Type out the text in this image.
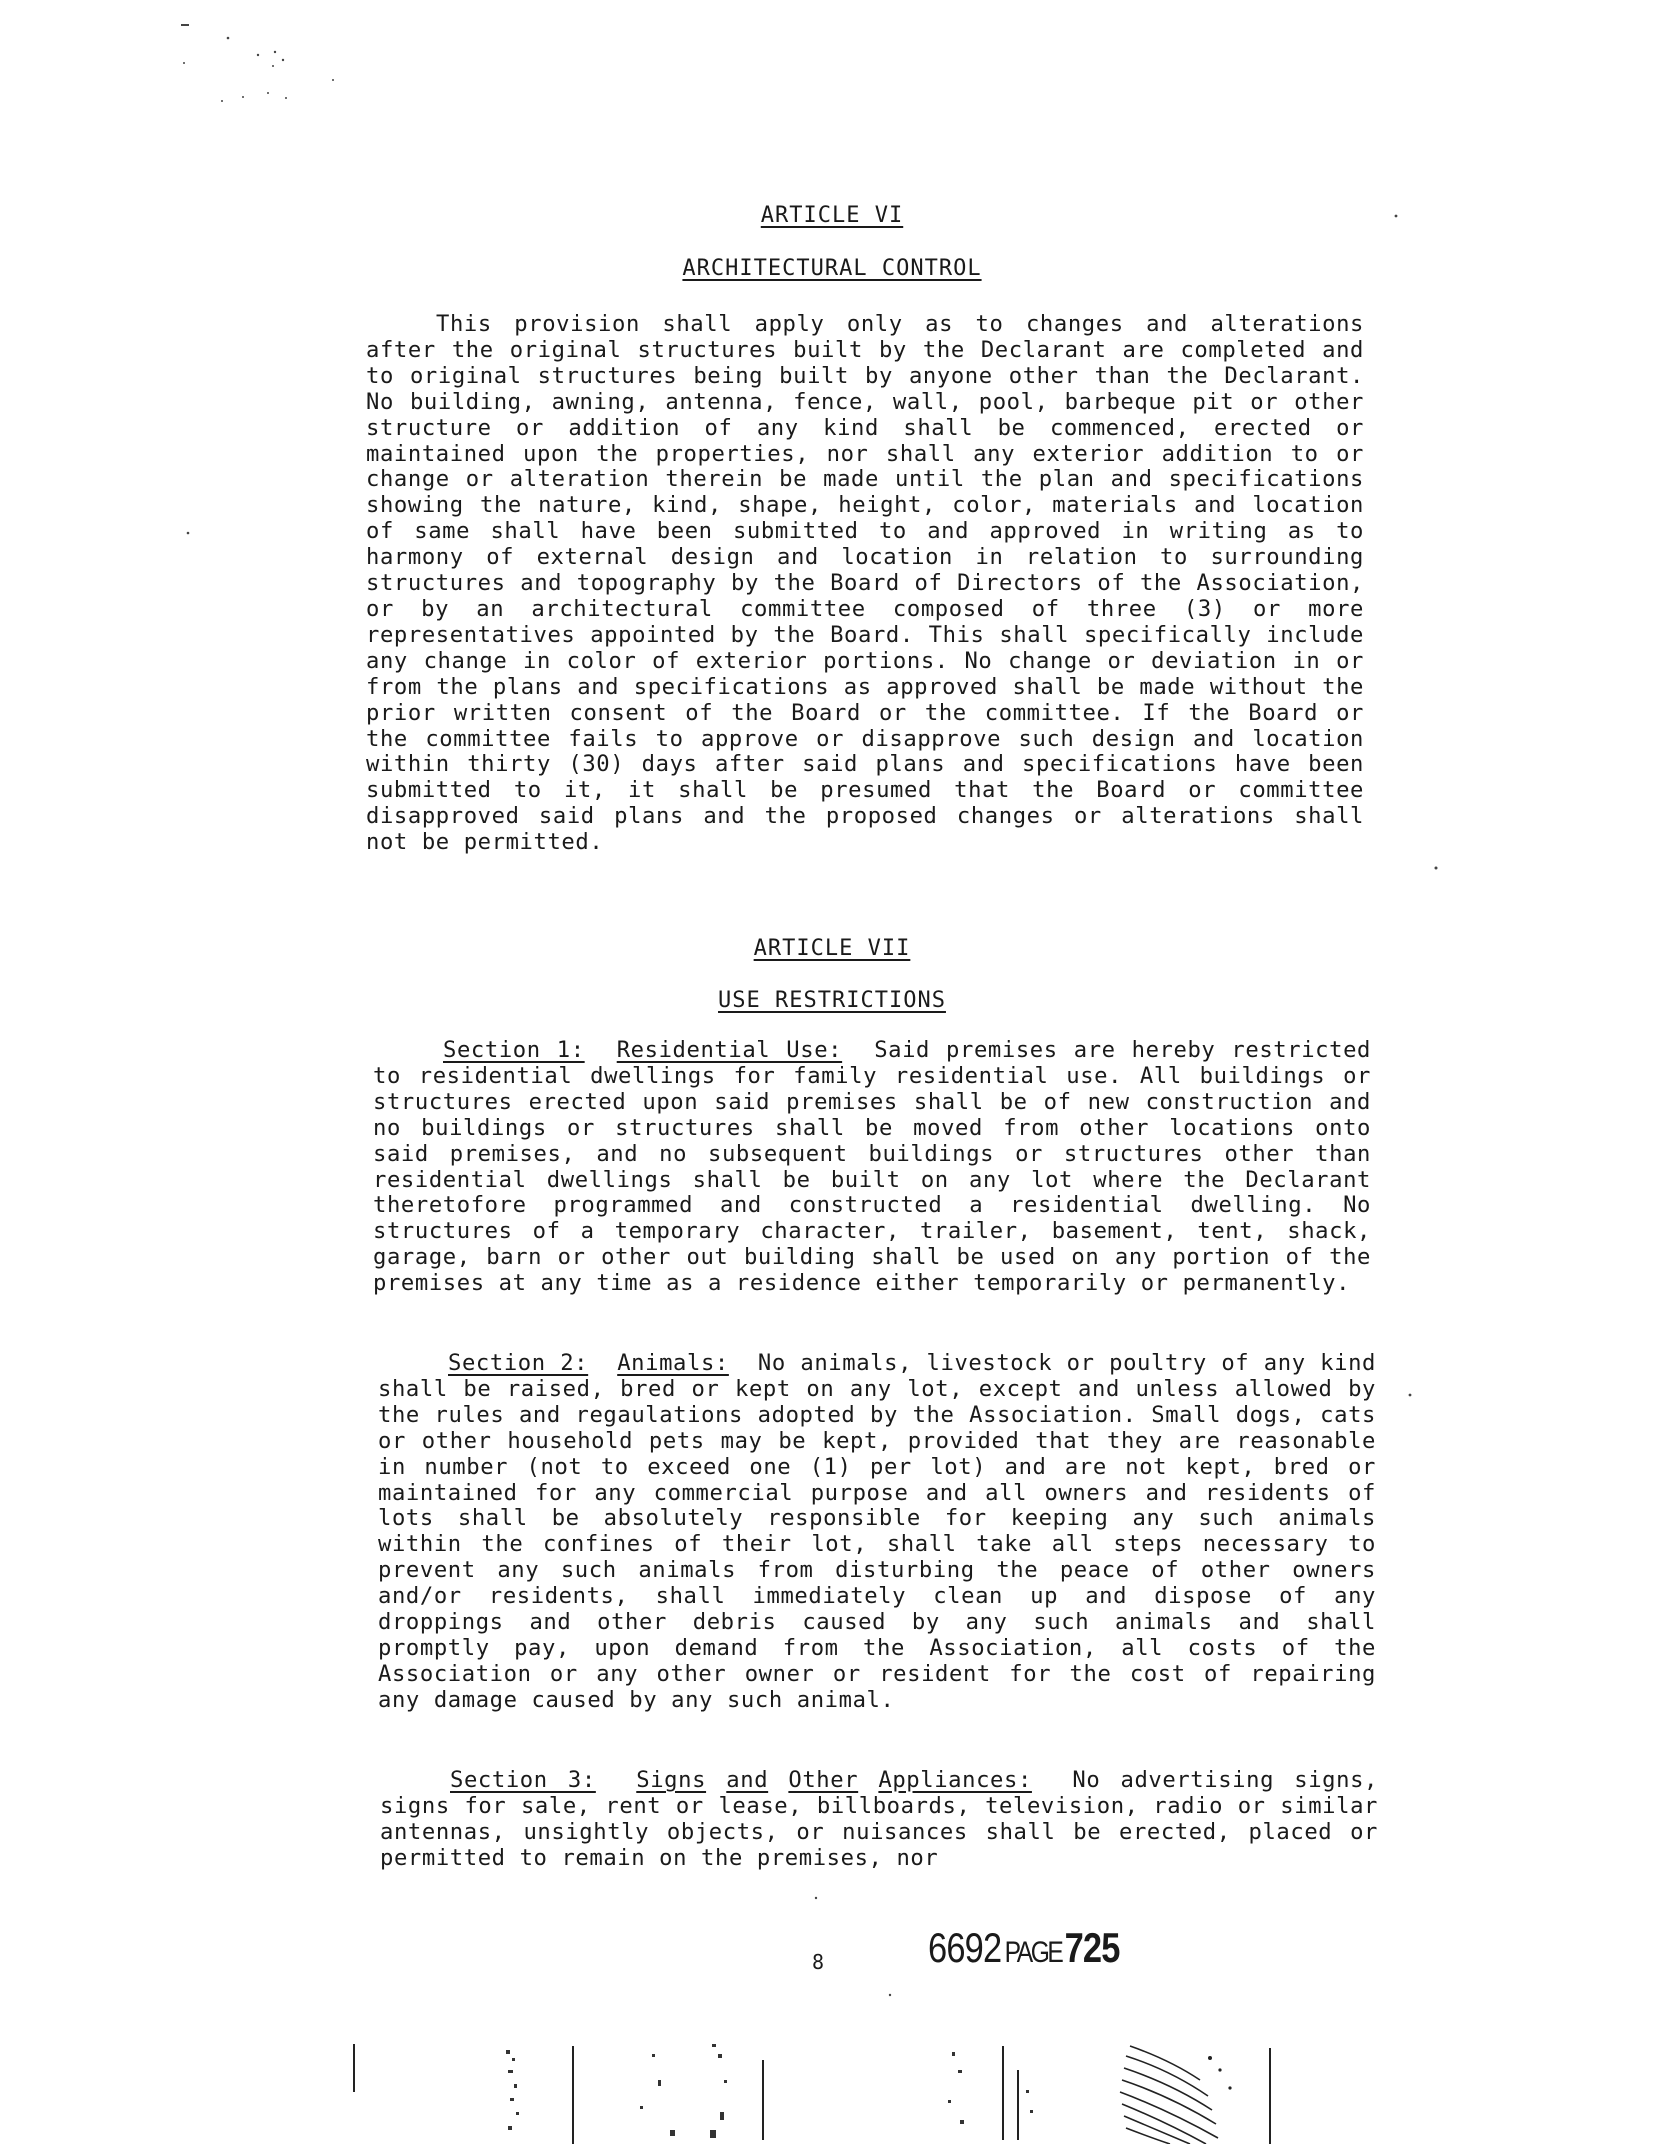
ARTICLE VI
ARCHITECTURAL CONTROL

This provision shall apply only as to changes and alterations after the original structures built by the Declarant are completed and to original structures being built by anyone other than the Declarant. No building, awning, antenna, fence, wall, pool, barbeque pit or other structure or addition of any kind shall be commenced, erected or maintained upon the properties, nor shall any exterior addition to or change or alteration therein be made until the plan and specifications showing the nature, kind, shape, height, color, materials and location of same shall have been submitted to and approved in writing as to harmony of external design and location in relation to surrounding structures and topography by the Board of Directors of the Association, or by an architectural committee composed of three (3) or more representatives appointed by the Board. This shall specifically include any change in color of exterior portions. No change or deviation in or from the plans and specifications as approved shall be made without the prior written consent of the Board or the committee. If the Board or the committee fails to approve or disapprove such design and location within thirty (30) days after said plans and specifications have been submitted to it, it shall be presumed that the Board or committee disapproved said plans and the proposed changes or alterations shall not be permitted.

ARTICLE VII
USE RESTRICTIONS

Section 1: Residential Use: Said premises are hereby restricted to residential dwellings for family residential use. All buildings or structures erected upon said premises shall be of new construction and no buildings or structures shall be moved from other locations onto said premises, and no subsequent buildings or structures other than residential dwellings shall be built on any lot where the Declarant theretofore programmed and constructed a residential dwelling. No structures of a temporary character, trailer, basement, tent, shack, garage, barn or other out building shall be used on any portion of the premises at any time as a residence either temporarily or permanently.

Section 2: Animals: No animals, livestock or poultry of any kind shall be raised, bred or kept on any lot, except and unless allowed by the rules and regaulations adopted by the Association. Small dogs, cats or other household pets may be kept, provided that they are reasonable in number (not to exceed one (1) per lot) and are not kept, bred or maintained for any commercial purpose and all owners and residents of lots shall be absolutely responsible for keeping any such animals within the confines of their lot, shall take all steps necessary to prevent any such animals from disturbing the peace of other owners and/or residents, shall immediately clean up and dispose of any droppings and other debris caused by any such animals and shall promptly pay, upon demand from the Association, all costs of the Association or any other owner or resident for the cost of repairing any damage caused by any such animal.

Section 3: Signs and Other Appliances: No advertising signs, signs for sale, rent or lease, billboards, television, radio or similar antennas, unsightly objects, or nuisances shall be erected, placed or permitted to remain on the premises, nor

8 6692 PAGE725
